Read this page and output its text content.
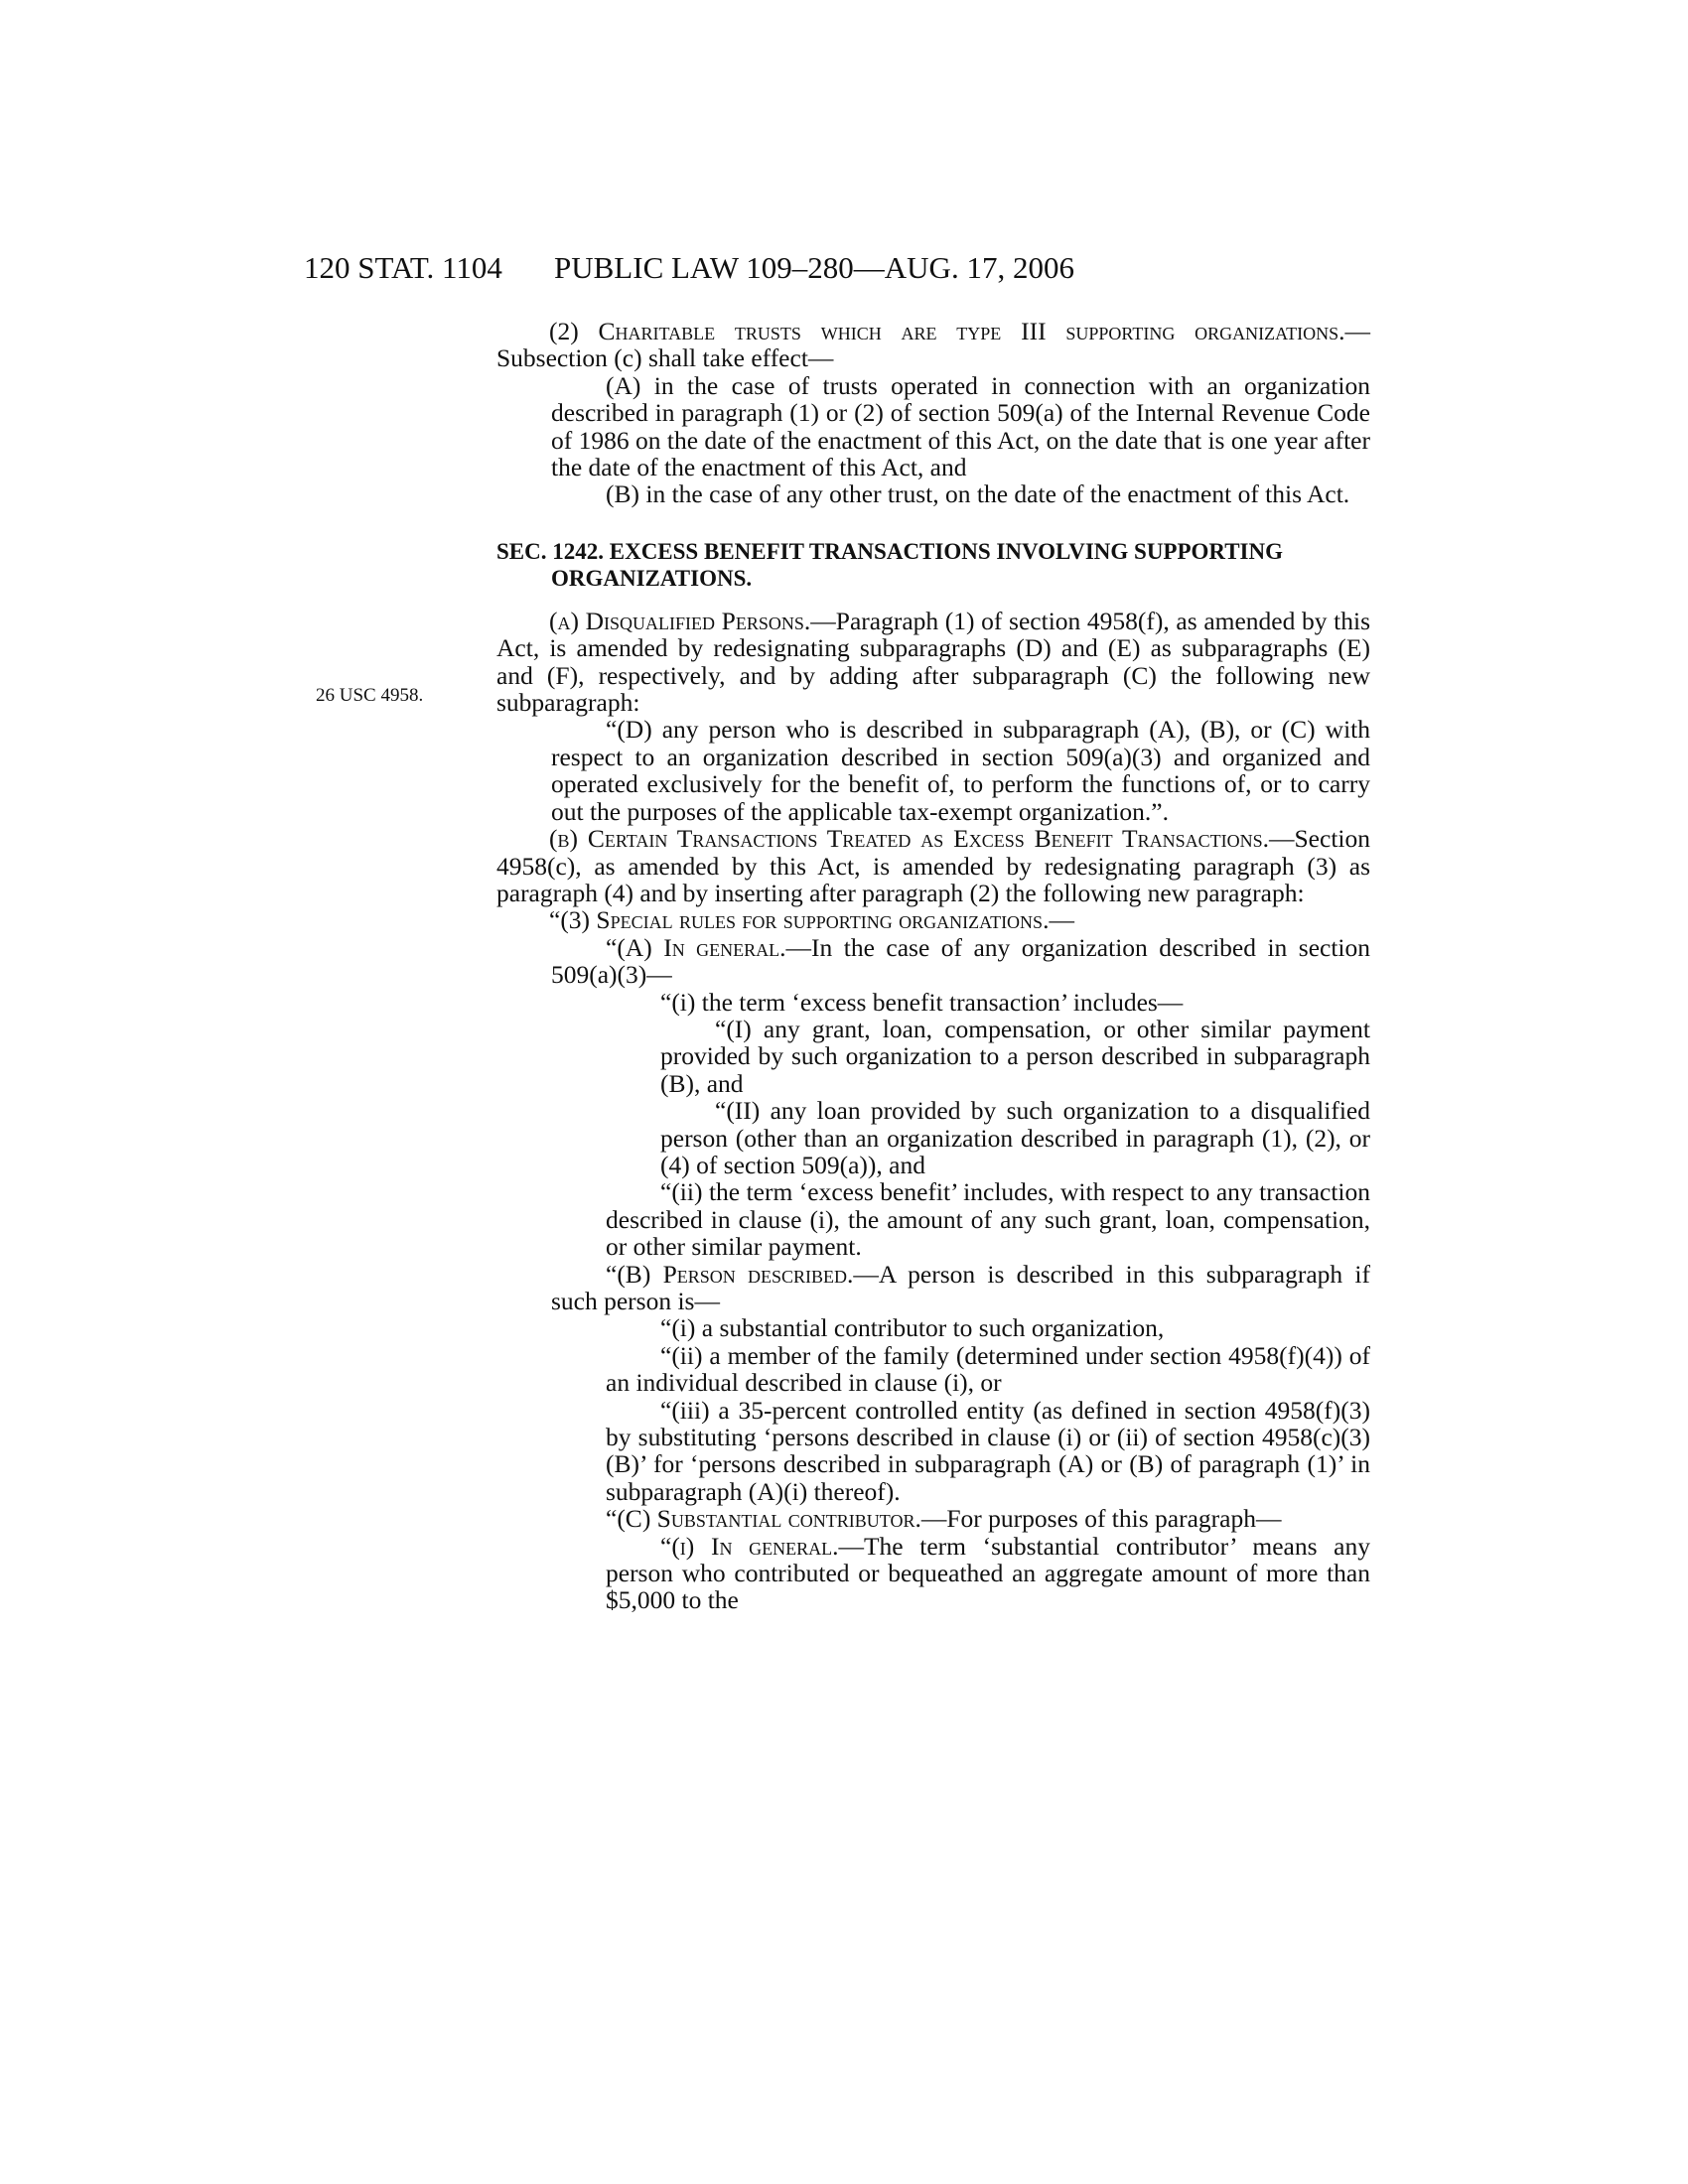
120 STAT. 1104 PUBLIC LAW 109–280—AUG. 17, 2006
26 USC 4958.

(2) Charitable trusts which are type III supporting organizations.—Subsection (c) shall take effect—

(A) in the case of trusts operated in connection with an organization described in paragraph (1) or (2) of section 509(a) of the Internal Revenue Code of 1986 on the date of the enactment of this Act, on the date that is one year after the date of the enactment of this Act, and

(B) in the case of any other trust, on the date of the enactment of this Act.

SEC. 1242. EXCESS BENEFIT TRANSACTIONS INVOLVING SUPPORTING ORGANIZATIONS.

(a) Disqualified Persons.—Paragraph (1) of section 4958(f), as amended by this Act, is amended by redesignating subparagraphs (D) and (E) as subparagraphs (E) and (F), respectively, and by adding after subparagraph (C) the following new subparagraph:

“(D) any person who is described in subparagraph (A), (B), or (C) with respect to an organization described in section 509(a)(3) and organized and operated exclusively for the benefit of, to perform the functions of, or to carry out the purposes of the applicable tax-exempt organization.”.

(b) Certain Transactions Treated as Excess Benefit Transactions.—Section 4958(c), as amended by this Act, is amended by redesignating paragraph (3) as paragraph (4) and by inserting after paragraph (2) the following new paragraph:

“(3) Special rules for supporting organizations.—

“(A) In general.—In the case of any organization described in section 509(a)(3)—

“(i) the term ‘excess benefit transaction’ includes—

“(I) any grant, loan, compensation, or other similar payment provided by such organization to a person described in subparagraph (B), and

“(II) any loan provided by such organization to a disqualified person (other than an organization described in paragraph (1), (2), or (4) of section 509(a)), and

“(ii) the term ‘excess benefit’ includes, with respect to any transaction described in clause (i), the amount of any such grant, loan, compensation, or other similar payment.

“(B) Person described.—A person is described in this subparagraph if such person is—

“(i) a substantial contributor to such organization,

“(ii) a member of the family (determined under section 4958(f)(4)) of an individual described in clause (i), or

“(iii) a 35-percent controlled entity (as defined in section 4958(f)(3) by substituting ‘persons described in clause (i) or (ii) of section 4958(c)(3)(B)’ for ‘persons described in subparagraph (A) or (B) of paragraph (1)’ in subparagraph (A)(i) thereof).

“(C) Substantial contributor.—For purposes of this paragraph—

“(i) In general.—The term ‘substantial contributor’ means any person who contributed or bequeathed an aggregate amount of more than $5,000 to the
